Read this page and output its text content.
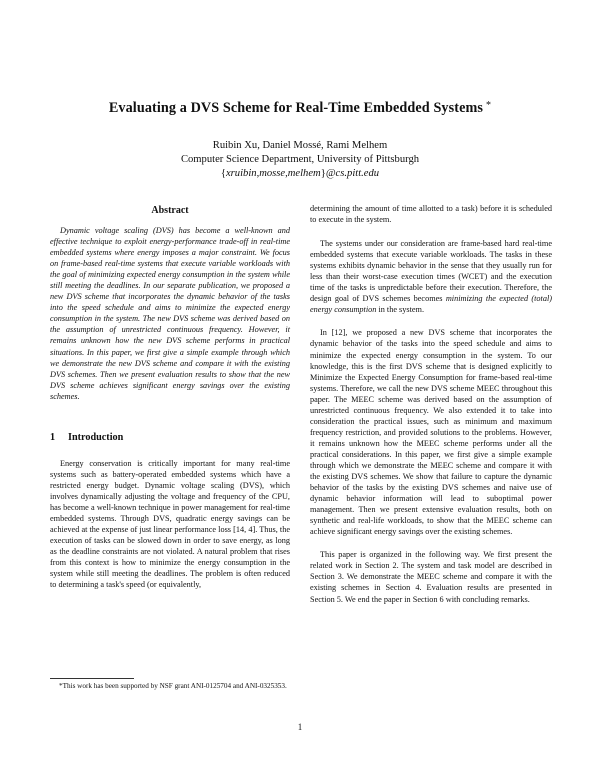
Evaluating a DVS Scheme for Real-Time Embedded Systems *
Ruibin Xu, Daniel Mossé, Rami Melhem
Computer Science Department, University of Pittsburgh
{xruibin,mosse,melhem}@cs.pitt.edu
Abstract

Dynamic voltage scaling (DVS) has become a well-known and effective technique to exploit energy-performance trade-off in real-time embedded systems where energy imposes a major constraint. We focus on frame-based real-time systems that execute variable workloads with the goal of minimizing expected energy consumption in the system while still meeting the deadlines. In our separate publication, we proposed a new DVS scheme that incorporates the dynamic behavior of the tasks into the speed schedule and aims to minimize the expected energy consumption in the system. The new DVS scheme was derived based on the assumption of unrestricted continuous frequency. However, it remains unknown how the new DVS scheme performs in practical situations. In this paper, we first give a simple example through which we demonstrate the new DVS scheme and compare it with the existing DVS schemes. Then we present evaluation results to show that the new DVS scheme achieves significant energy savings over the existing schemes.

1 Introduction

Energy conservation is critically important for many real-time systems such as battery-operated embedded systems which have a restricted energy budget. Dynamic voltage scaling (DVS), which involves dynamically adjusting the voltage and frequency of the CPU, has become a well-known technique in power management for real-time embedded systems. Through DVS, quadratic energy savings can be achieved at the expense of just linear performance loss [14, 4]. Thus, the execution of tasks can be slowed down in order to save energy, as long as the deadline constraints are not violated. A natural problem that rises from this context is how to minimize the energy consumption in the system while still meeting the deadlines. The problem is often reduced to determining a task's speed (or equivalently,

determining the amount of time allotted to a task) before it is scheduled to execute in the system.

The systems under our consideration are frame-based hard real-time embedded systems that execute variable workloads. The tasks in these systems exhibits dynamic behavior in the sense that they usually run for less than their worst-case execution times (WCET) and the execution time of the tasks is unpredictable before their execution. Therefore, the design goal of DVS schemes becomes minimizing the expected (total) energy consumption in the system.

In [12], we proposed a new DVS scheme that incorporates the dynamic behavior of the tasks into the speed schedule and aims to minimize the expected energy consumption in the system. To our knowledge, this is the first DVS scheme that is designed explicitly to Minimize the Expected Energy Consumption for frame-based real-time systems. Therefore, we call the new DVS scheme MEEC throughout this paper. The MEEC scheme was derived based on the assumption of unrestricted continuous frequency. We also extended it to take into consideration the practical issues, such as minimum and maximum frequency restriction, and provided solutions to the problems. However, it remains unknown how the MEEC scheme performs under all the practical considerations. In this paper, we first give a simple example through which we demonstrate the MEEC scheme and compare it with the existing DVS schemes. We show that failure to capture the dynamic behavior of the tasks by the existing DVS schemes and naive use of dynamic behavior information will lead to suboptimal power management. Then we present extensive evaluation results, both on synthetic and real-life workloads, to show that the MEEC scheme can achieve significant energy savings over the existing schemes.

This paper is organized in the following way. We first present the related work in Section 2. The system and task model are described in Section 3. We demonstrate the MEEC scheme and compare it with the existing schemes in Section 4. Evaluation results are presented in Section 5. We end the paper in Section 6 with concluding remarks.

*This work has been supported by NSF grant ANI-0125704 and ANI-0325353.
1
